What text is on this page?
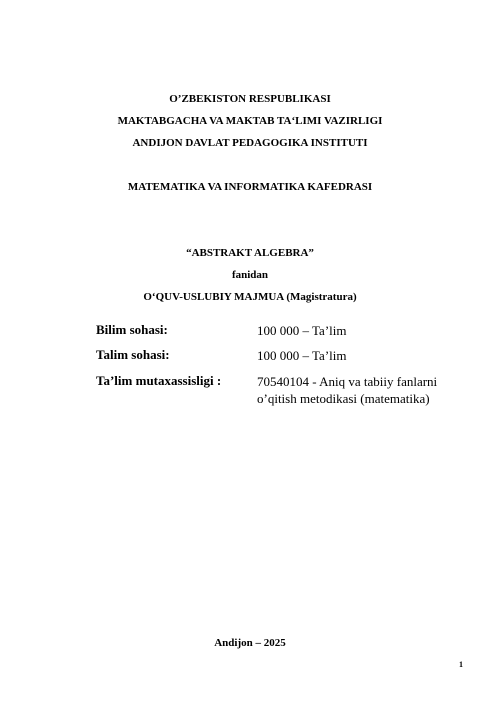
O’ZBEKISTON RESPUBLIKASI
MAKTABGACHA VA MAKTAB TA‘LIMI VAZIRLIGI
ANDIJON DAVLAT PEDAGOGIKA INSTITUTI
MATEMATIKA VA INFORMATIKA KAFEDRASI
“ABSTRAKT ALGEBRA”
fanidan
O‘QUV-USLUBIY MAJMUA (Magistratura)
Bilim sohasi:	100 000 – Ta’lim
Talim sohasi:	100 000 – Ta’lim
Ta’lim mutaxassisligi :	70540104 - Aniq va tabiiy fanlarni o’qitish metodikasi (matematika)
Andijon – 2025
1
